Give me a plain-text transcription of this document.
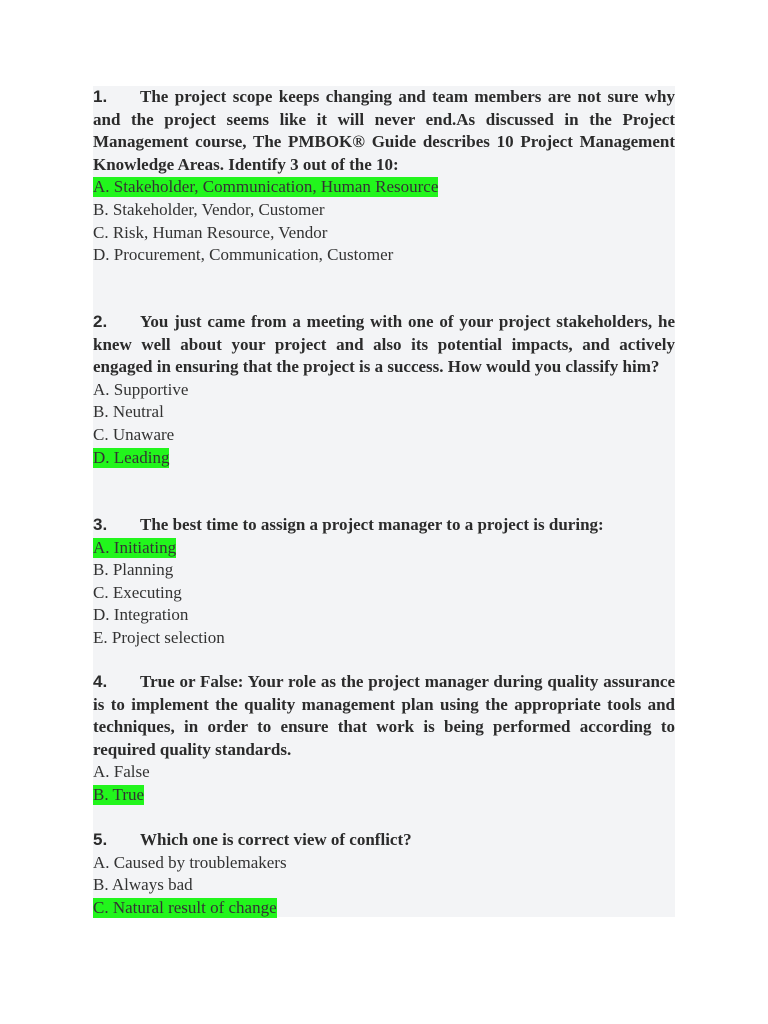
1. The project scope keeps changing and team members are not sure why and the project seems like it will never end.As discussed in the Project Management course, The PMBOK® Guide describes 10 Project Management Knowledge Areas. Identify 3 out of the 10:

A. Stakeholder, Communication, Human Resource

B. Stakeholder, Vendor, Customer

C. Risk, Human Resource, Vendor

D. Procurement, Communication, Customer

2. You just came from a meeting with one of your project stakeholders, he knew well about your project and also its potential impacts, and actively engaged in ensuring that the project is a success. How would you classify him?

A. Supportive

B. Neutral

C. Unaware

D. Leading

3. The best time to assign a project manager to a project is during:

A. Initiating

B. Planning

C. Executing

D. Integration

E. Project selection

4. True or False: Your role as the project manager during quality assurance is to implement the quality management plan using the appropriate tools and techniques, in order to ensure that work is being performed according to required quality standards.

A. False

B. True

5. Which one is correct view of conflict?

A. Caused by troublemakers

B. Always bad

C. Natural result of change
